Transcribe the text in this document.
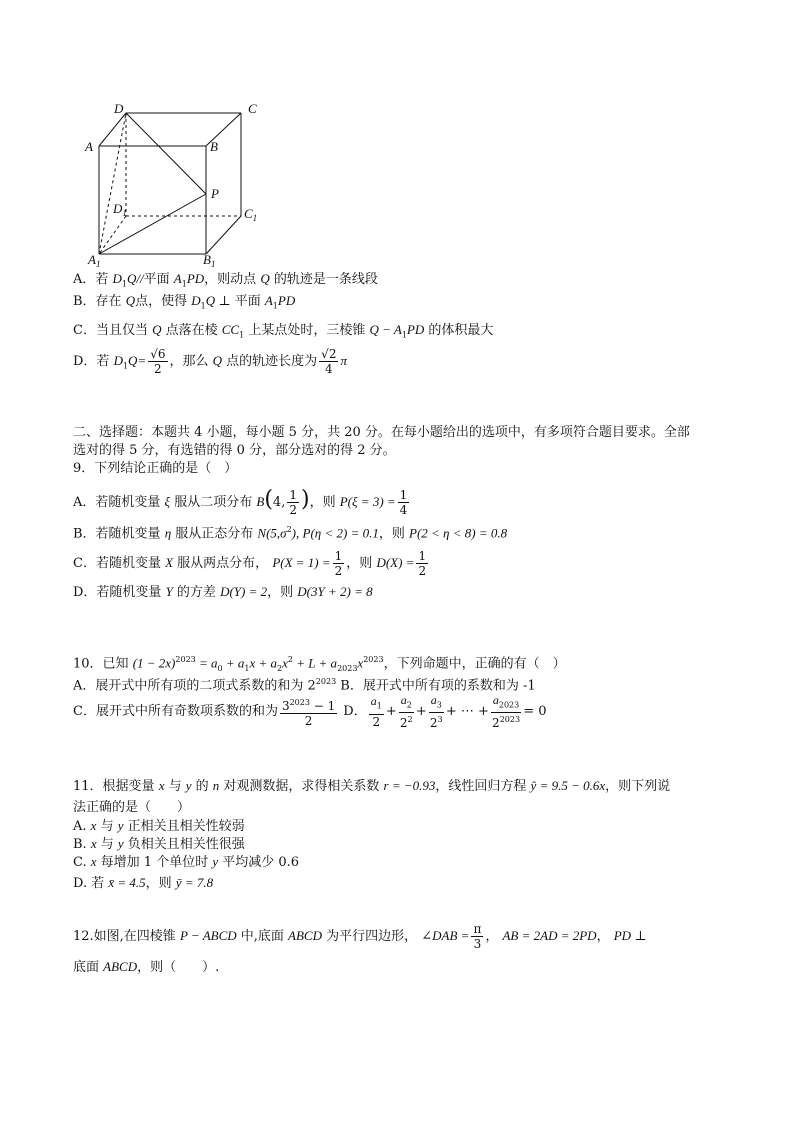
D	C
A	B
P
$D_1$	$C_1$
$A_1$	$B_1$
A．若 $D_1Q//$平面 $A_1PD$，则动点 Q 的轨迹是一条线段
B．存在 Q点，使得 $D_1Q$ ⊥ 平面 $A_1PD$
C．当且仅当 Q 点落在棱 $CC_1$ 上某点处时，三棱锥 $Q - A_1PD$ 的体积最大
D．若 $D_1Q= \frac{√6}{2}$ ，那么 Q 点的轨迹长度为 $\frac{√2}{4}$ π
二、选择题：本题共 4 小题，每小题 5 分，共 20 分。在每小题给出的选项中，有多项符合题目要求。全部
选对的得 5 分，有选错的得 0 分，部分选对的得 2 分。
9．下列结论正确的是（　）
A．若随机变量 ξ 服从二项分布 B(4, $\frac{1}{2}$ )，则 $P(\xi = 3) = \frac{1}{4}$
B．若随机变量 η 服从正态分布 $N(5,\sigma^2)$, P(η < 2) = 0.1，则 P(2 < η < 8) = 0.8
C．若随机变量 X 服从两点分布， $P(X = 1) = \frac{1}{2}$ ，则 $D(X) = \frac{1}{2}$
D．若随机变量 Y 的方差 D(Y) = 2，则 D(3Y + 2) = 8
10．已知 $(1 - 2x)^{2023} = a_0 + a_1x + a_2x^2 + L + a_{2023}x^{2023}$，下列命题中，正确的有（　）
A．展开式中所有项的二项式系数的和为 $2^{2023}$ B．展开式中所有项的系数和为 -1
C．展开式中所有奇数项系数的和为 $\frac{3^{2023} - 1}{2}$ D． $\frac{a_1}{2} + \frac{a_2}{2^2} + \frac{a_3}{2^3}$ + ⋯ + $\frac{a_{2023}}{2^{2023}} = 0$
11．根据变量 x 与 y 的 n 对观测数据，求得相关系数 r = −0.93，线性回归方程 ŷ = 9.5 − 0.6x，则下列说
法正确的是（　　）
A. x 与 y 正相关且相关性较弱
B. x 与 y 负相关且相关性很强
C. x 每增加 1 个单位时 y 平均减少 0.6
D. 若 x̄ = 4.5，则 ȳ = 7.8
12.如图,在四棱锥 P − ABCD 中,底面 ABCD 为平行四边形， ∠DAB = $\frac{\pi}{3}$ ， AB = 2AD = 2PD， PD ⊥
底面 ABCD，则（　　）.
